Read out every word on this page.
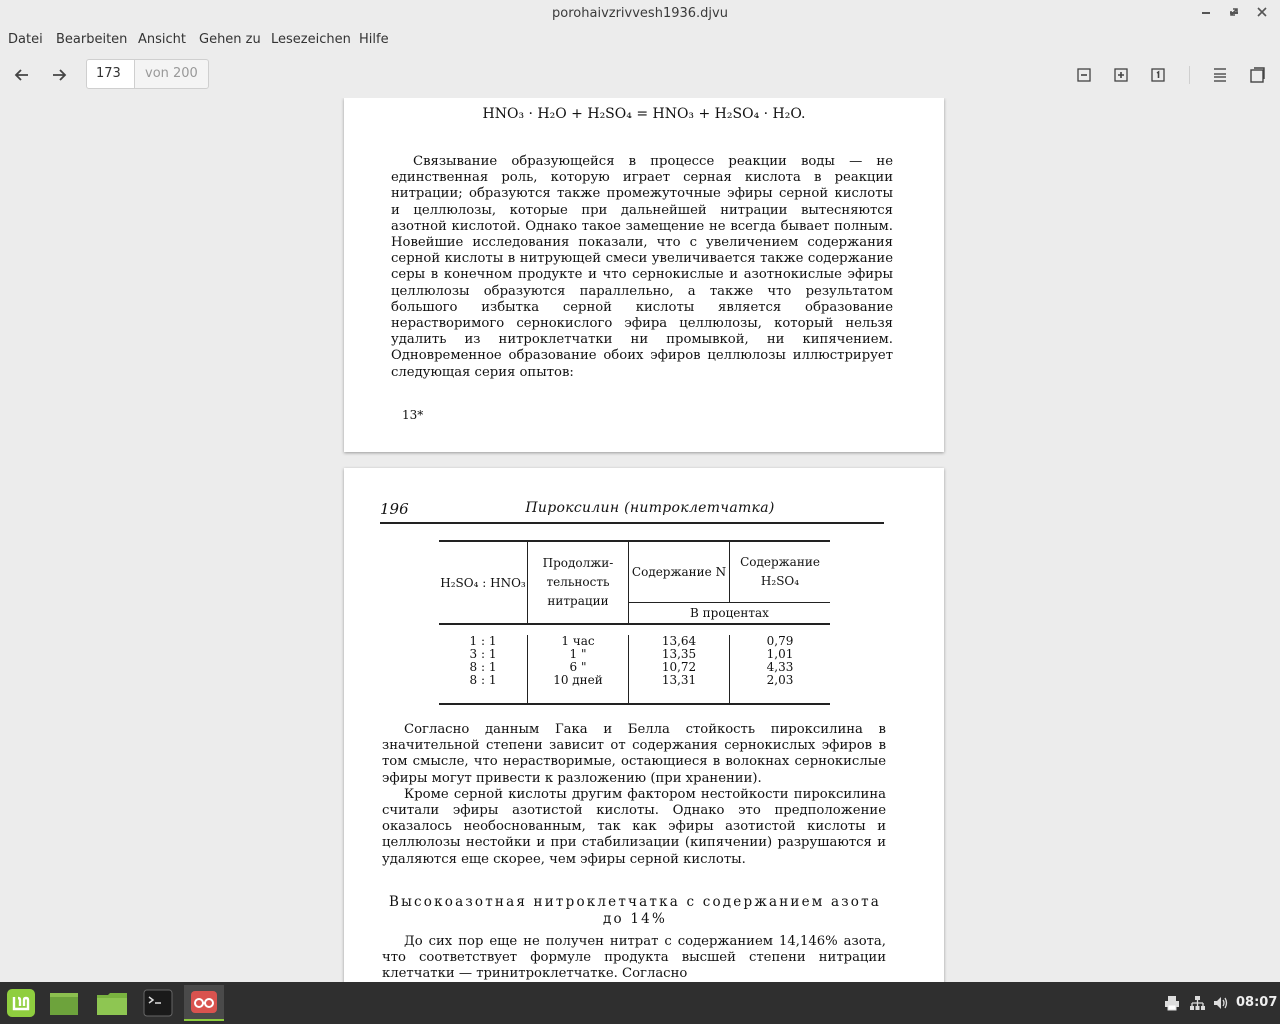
porohaivzrivvesh1936.djvu
Datei Bearbeiten Ansicht Gehen zu Lesezeichen Hilfe
173	von 200
HNO₃ · H₂O + H₂SO₄ = HNO₃ + H₂SO₄ · H₂O.

Связывание образующейся в процессе реакции воды — не единственная роль, которую играет серная кислота в реакции нитрации; образуются также промежуточные эфиры серной кислоты и целлюлозы, которые при дальнейшей нитрации вытесняются азотной кислотой. Однако такое замещение не всегда бывает полным. Новейшие исследования показали, что с увеличением содержания серной кислоты в нитрующей смеси увеличивается также содержание серы в конечном продукте и что сернокислые и азотнокислые эфиры целлюлозы образуются параллельно, а также что результатом большого избытка серной кислоты является образование нерастворимого сернокислого эфира целлюлозы, который нельзя удалить из нитроклетчатки ни промывкой, ни кипячением. Одновременное образование обоих эфиров целлюлозы иллюстрирует следующая серия опытов:

13*
196	Пироксилин (нитроклетчатка)
H₂SO₄ : HNO₃	Продолжи-тельность нитрации	Содержание N	Содержание H₂SO₄
		В процентах	

1 : 1	1 час	13,64	0,79
3 : 1	1 "	13,35	1,01
8 : 1	6 "	10,72	4,33
8 : 1	10 дней	13,31	2,03

Согласно данным Гака и Белла стойкость пироксилина в значительной степени зависит от содержания сернокислых эфиров в том смысле, что нерастворимые, остающиеся в волокнах сернокислые эфиры могут привести к разложению (при хранении).

Кроме серной кислоты другим фактором нестойкости пироксилина считали эфиры азотистой кислоты. Однако это предположение оказалось необоснованным, так как эфиры азотистой кислоты и целлюлозы нестойки и при стабилизации (кипячении) разрушаются и удаляются еще скорее, чем эфиры серной кислоты.

Высокоазотная нитроклетчатка с содержанием азота до 14%

До сих пор еще не получен нитрат с содержанием 14,146% азота, что соответствует формуле продукта высшей степени нитрации клетчатки — тринитроклетчатке. Согласно

08:07
